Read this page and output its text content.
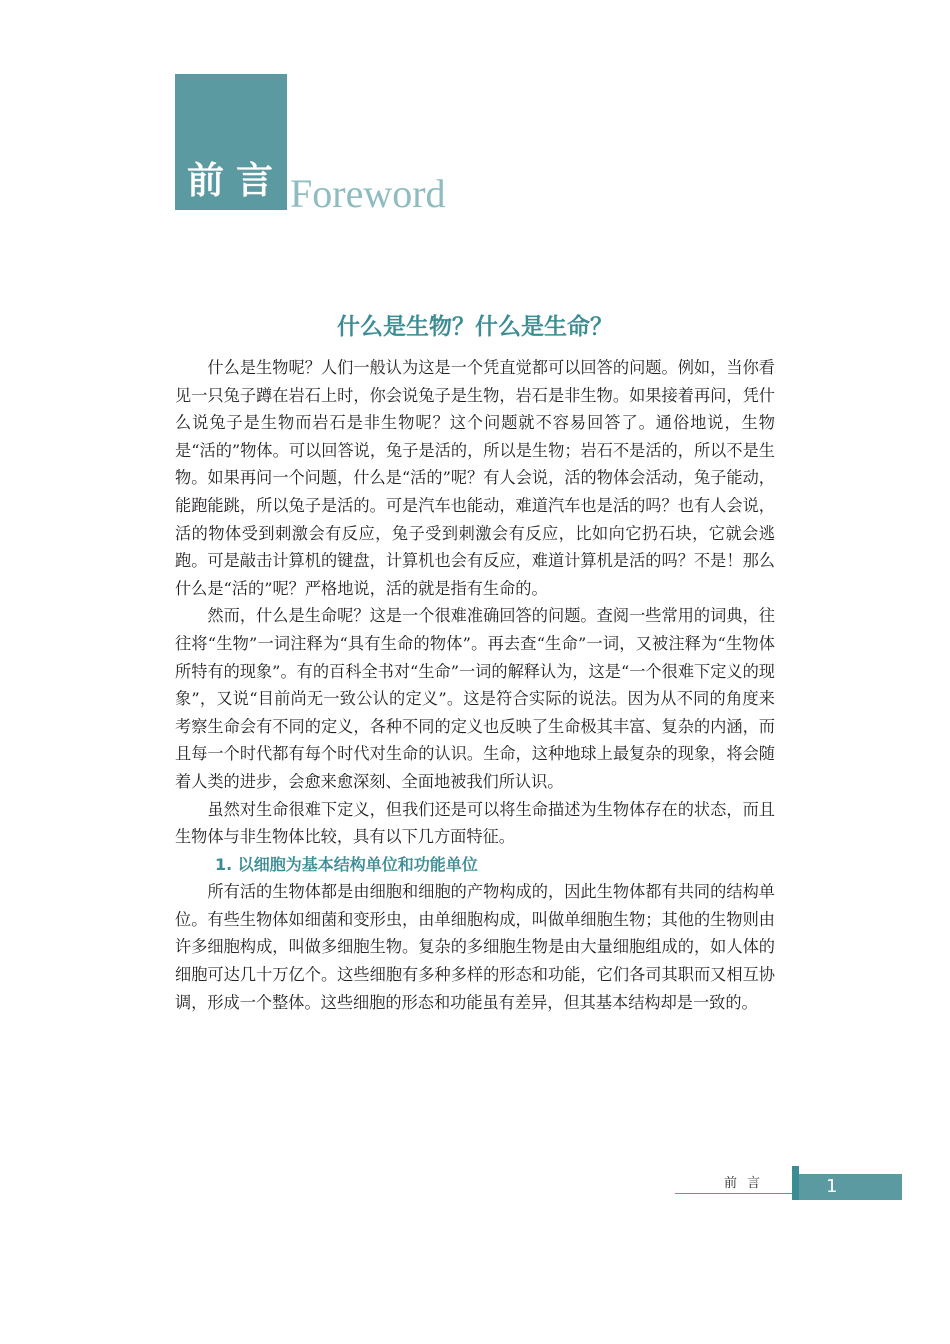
前言 Foreword
什么是生物？什么是生命？

什么是生物呢？人们一般认为这是一个凭直觉都可以回答的问题。例如，当你看见一只兔子蹲在岩石上时，你会说兔子是生物，岩石是非生物。如果接着再问，凭什么说兔子是生物而岩石是非生物呢？这个问题就不容易回答了。通俗地说，生物是“活的”物体。可以回答说，兔子是活的，所以是生物；岩石不是活的，所以不是生物。如果再问一个问题，什么是“活的”呢？有人会说，活的物体会活动，兔子能动，能跑能跳，所以兔子是活的。可是汽车也能动，难道汽车也是活的吗？也有人会说，活的物体受到刺激会有反应，兔子受到刺激会有反应，比如向它扔石块，它就会逃跑。可是敲击计算机的键盘，计算机也会有反应，难道计算机是活的吗？不是！那么什么是“活的”呢？严格地说，活的就是指有生命的。

然而，什么是生命呢？这是一个很难准确回答的问题。查阅一些常用的词典，往往将“生物”一词注释为“具有生命的物体”。再去查“生命”一词，又被注释为“生物体所特有的现象”。有的百科全书对“生命”一词的解释认为，这是“一个很难下定义的现象”，又说“目前尚无一致公认的定义”。这是符合实际的说法。因为从不同的角度来考察生命会有不同的定义，各种不同的定义也反映了生命极其丰富、复杂的内涵，而且每一个时代都有每个时代对生命的认识。生命，这种地球上最复杂的现象，将会随着人类的进步，会愈来愈深刻、全面地被我们所认识。

虽然对生命很难下定义，但我们还是可以将生命描述为生物体存在的状态，而且生物体与非生物体比较，具有以下几方面特征。

1. 以细胞为基本结构单位和功能单位

所有活的生物体都是由细胞和细胞的产物构成的，因此生物体都有共同的结构单位。有些生物体如细菌和变形虫，由单细胞构成，叫做单细胞生物；其他的生物则由许多细胞构成，叫做多细胞生物。复杂的多细胞生物是由大量细胞组成的，如人体的细胞可达几十万亿个。这些细胞有多种多样的形态和功能，它们各司其职而又相互协调，形成一个整体。这些细胞的形态和功能虽有差异，但其基本结构却是一致的。

前言	1
